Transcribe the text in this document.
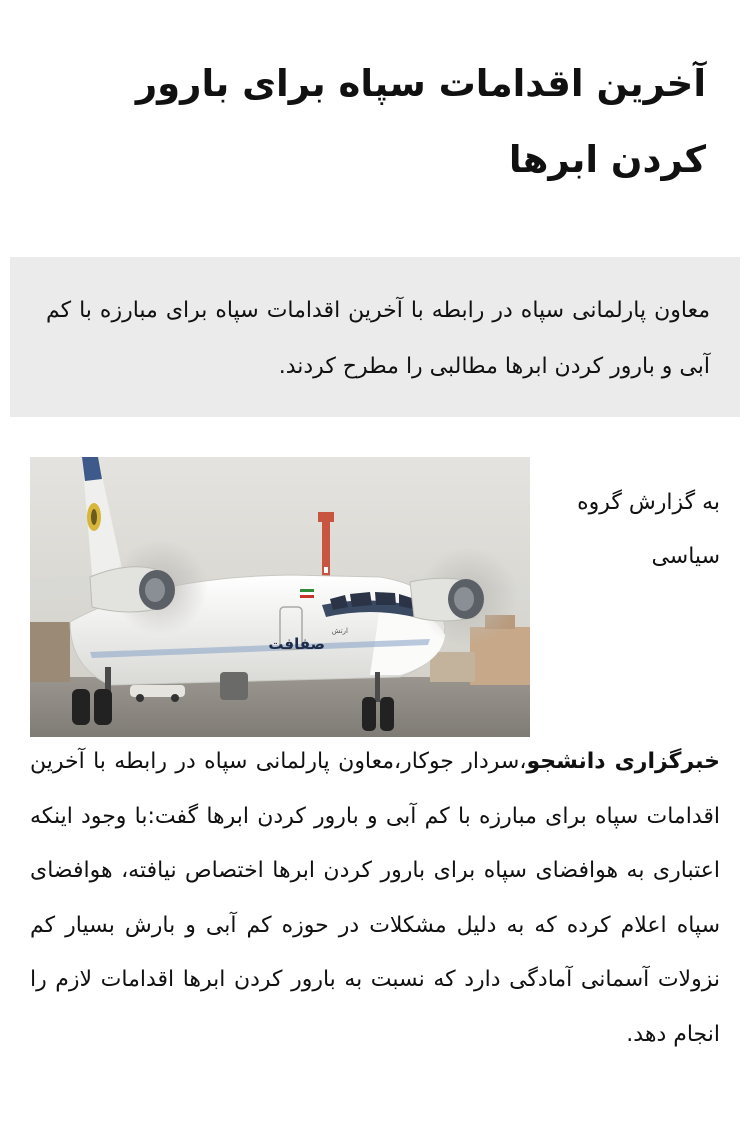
آخرین اقدامات سپاه برای بارور کردن ابرها

معاون پارلمانی سپاه در رابطه با آخرین اقدامات سپاه برای مبارزه با کم آبی و بارور کردن ابرها مطالبی را مطرح کردند.

صفافت
ارتش

به گزارش گروه سیاسی

خبرگزاری دانشجو،سردار جوکار،معاون پارلمانی سپاه در رابطه با آخرین اقدامات سپاه برای مبارزه با کم آبی و بارور کردن ابرها گفت:با وجود اینکه اعتباری به هوافضای سپاه برای بارور کردن ابرها اختصاص نیافته، هوافضای سپاه اعلام کرده که به دلیل مشکلات در حوزه کم آبی و بارش بسیار کم نزولات آسمانی آمادگی دارد که نسبت به بارور کردن ابرها اقدامات لازم را انجام دهد.
